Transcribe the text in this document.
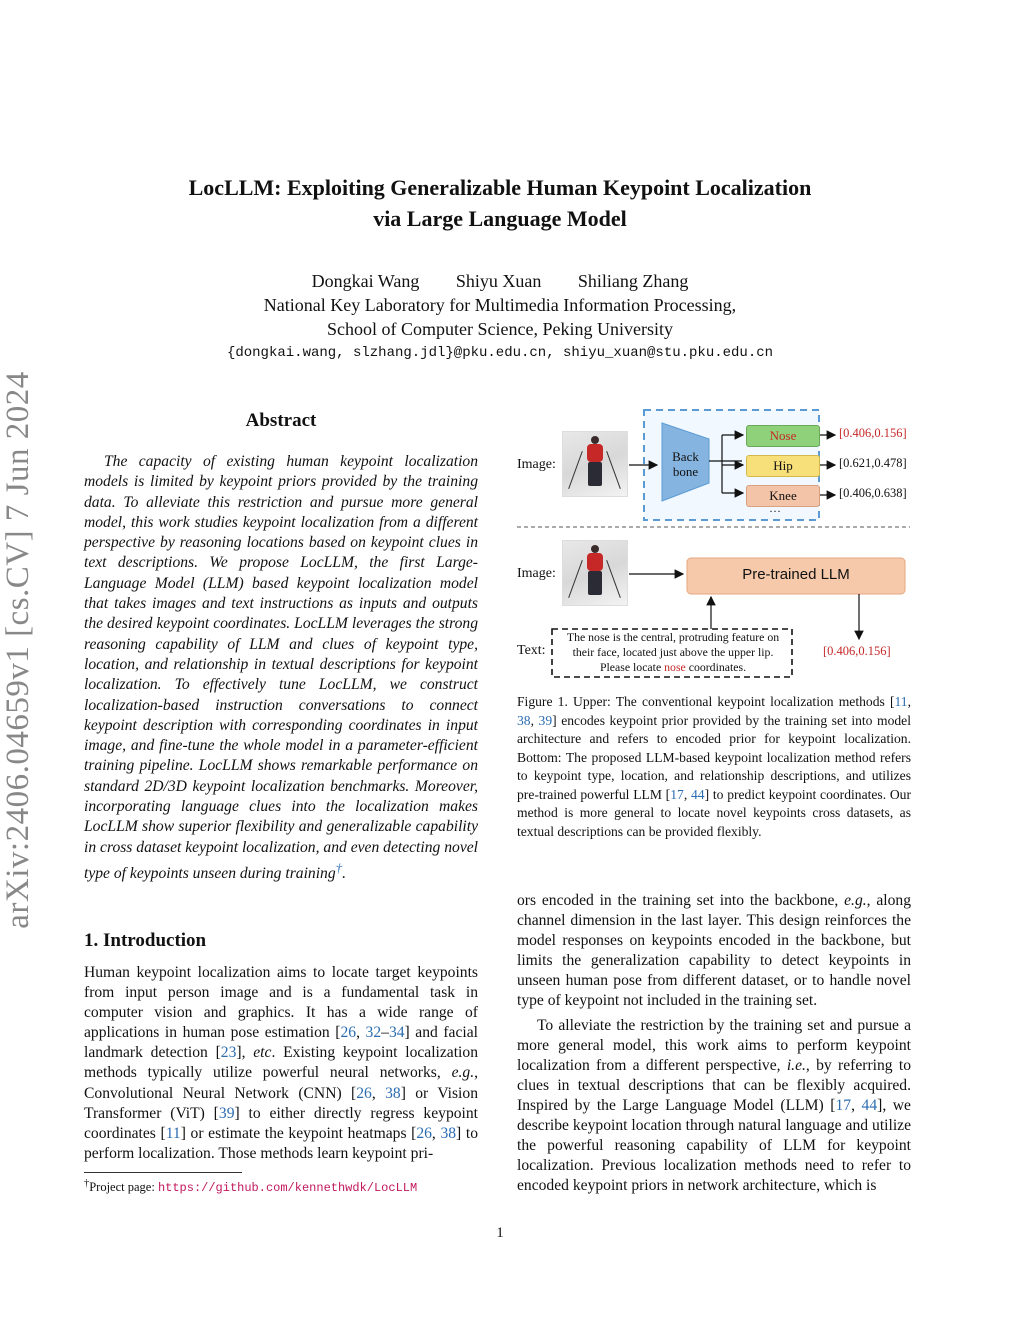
arXiv:2406.04659v1 [cs.CV] 7 Jun 2024
LocLLM: Exploiting Generalizable Human Keypoint Localization
via Large Language Model
Dongkai Wang Shiyu Xuan Shiliang Zhang
National Key Laboratory for Multimedia Information Processing,
School of Computer Science, Peking University
{dongkai.wang, slzhang.jdl}@pku.edu.cn, shiyu_xuan@stu.pku.edu.cn
Abstract

The capacity of existing human keypoint localization models is limited by keypoint priors provided by the training data. To alleviate this restriction and pursue more general model, this work studies keypoint localization from a different perspective by reasoning locations based on keypoint clues in text descriptions. We propose LocLLM, the first Large-Language Model (LLM) based keypoint localization model that takes images and text instructions as inputs and outputs the desired keypoint coordinates. LocLLM leverages the strong reasoning capability of LLM and clues of keypoint type, location, and relationship in textual descriptions for keypoint localization. To effectively tune LocLLM, we construct localization-based instruction conversations to connect keypoint description with corresponding coordinates in input image, and fine-tune the whole model in a parameter-efficient training pipeline. LocLLM shows remarkable performance on standard 2D/3D keypoint localization benchmarks. Moreover, incorporating language clues into the localization makes LocLLM show superior flexibility and generalizable capability in cross dataset keypoint localization, and even detecting novel type of keypoints unseen during training†.

1. Introduction

Human keypoint localization aims to locate target keypoints from input person image and is a fundamental task in computer vision and graphics. It has a wide range of applications in human pose estimation [26, 32–34] and facial landmark detection [23], etc. Existing keypoint localization methods typically utilize powerful neural networks, e.g., Convolutional Neural Network (CNN) [26, 38] or Vision Transformer (ViT) [39] to either directly regress keypoint coordinates [11] or estimate the keypoint heatmaps [26, 38] to perform localization. Those methods learn keypoint pri-

†Project page: https://github.com/kennethwdk/LocLLM
Image:
Back bone
Nose
Hip
Knee
…
[0.406,0.156]
[0.621,0.478]
[0.406,0.638]
Image:	Pre-trained LLM
Text:
The nose is the central, protruding feature on their face, located just above the upper lip. Please locate nose coordinates.
[0.406,0.156]
Figure 1. Upper: The conventional keypoint localization methods [11, 38, 39] encodes keypoint prior provided by the training set into model architecture and refers to encoded prior for keypoint localization. Bottom: The proposed LLM-based keypoint localization method refers to keypoint type, location, and relationship descriptions, and utilizes pre-trained powerful LLM [17, 44] to predict keypoint coordinates. Our method is more general to locate novel keypoints cross datasets, as textual descriptions can be provided flexibly.

ors encoded in the training set into the backbone, e.g., along channel dimension in the last layer. This design reinforces the model responses on keypoints encoded in the backbone, but limits the generalization capability to detect keypoints in unseen human pose from different dataset, or to handle novel type of keypoint not included in the training set.

To alleviate the restriction by the training set and pursue a more general model, this work aims to perform keypoint localization from a different perspective, i.e., by referring to clues in textual descriptions that can be flexibly acquired. Inspired by the Large Language Model (LLM) [17, 44], we describe keypoint location through natural language and utilize the powerful reasoning capability of LLM for keypoint localization. Previous localization methods need to refer to encoded keypoint priors in network architecture, which is

1
